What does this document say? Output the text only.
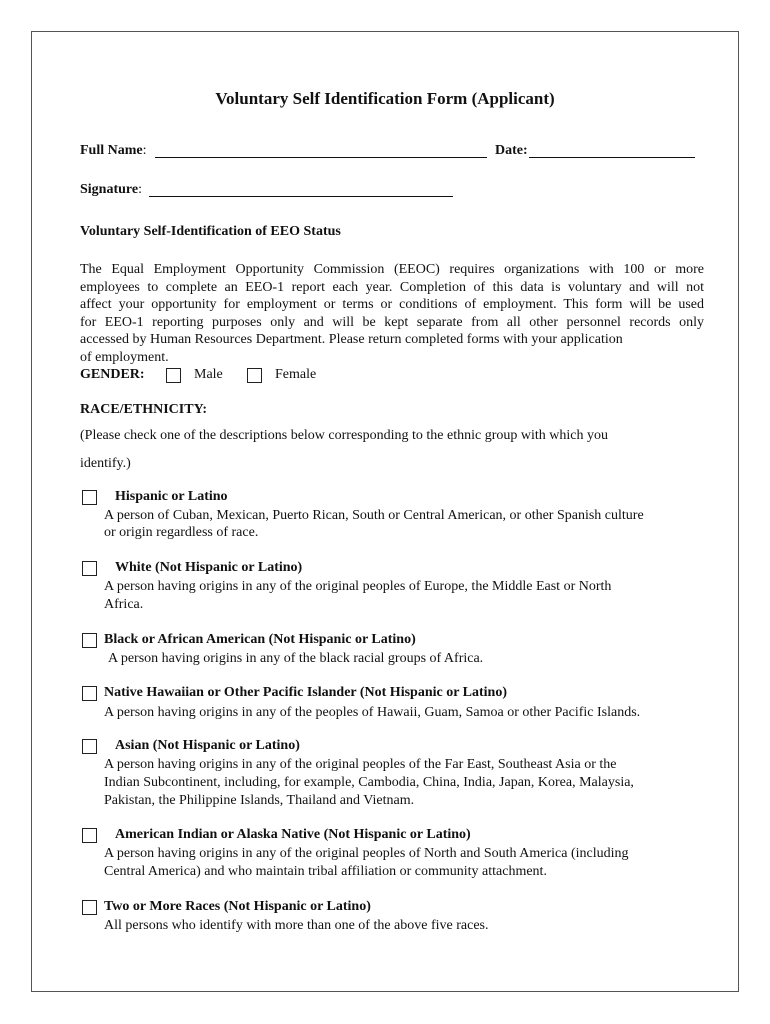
Voluntary Self Identification Form (Applicant)
Full Name:	Date:
Signature:
Voluntary Self-Identification of EEO Status
The Equal Employment Opportunity Commission (EEOC) requires organizations with 100 or more
employees to complete an EEO-1 report each year. Completion of this data is voluntary and will not
affect your opportunity for employment or terms or conditions of employment. This form will be used
for EEO-1 reporting purposes only and will be kept separate from all other personnel records only
accessed by Human Resources Department. Please return completed forms with your application
of employment.
GENDER:	Male	Female
RACE/ETHNICITY:
(Please check one of the descriptions below corresponding to the ethnic group with which you
identify.)
Hispanic or Latino
A person of Cuban, Mexican, Puerto Rican, South or Central American, or other Spanish culture
or origin regardless of race.
White (Not Hispanic or Latino)
A person having origins in any of the original peoples of Europe, the Middle East or North
Africa.
Black or African American (Not Hispanic or Latino)
A person having origins in any of the black racial groups of Africa.
Native Hawaiian or Other Pacific Islander (Not Hispanic or Latino)
A person having origins in any of the peoples of Hawaii, Guam, Samoa or other Pacific Islands.
Asian (Not Hispanic or Latino)
A person having origins in any of the original peoples of the Far East, Southeast Asia or the
Indian Subcontinent, including, for example, Cambodia, China, India, Japan, Korea, Malaysia,
Pakistan, the Philippine Islands, Thailand and Vietnam.
American Indian or Alaska Native (Not Hispanic or Latino)
A person having origins in any of the original peoples of North and South America (including
Central America) and who maintain tribal affiliation or community attachment.
Two or More Races (Not Hispanic or Latino)
All persons who identify with more than one of the above five races.
